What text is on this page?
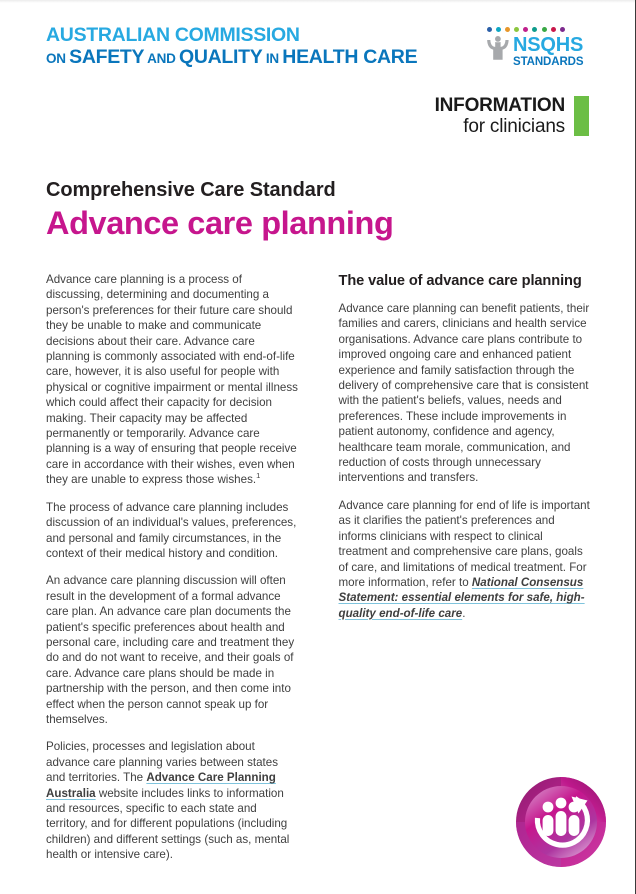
AUSTRALIAN COMMISSION
ON SAFETY AND QUALITY IN HEALTH CARE
NSQHS
STANDARDS
INFORMATION
for clinicians
Comprehensive Care Standard
Advance care planning

Advance care planning is a process of discussing, determining and documenting a person's preferences for their future care should they be unable to make and communicate decisions about their care. Advance care planning is commonly associated with end-of-life care, however, it is also useful for people with physical or cognitive impairment or mental illness which could affect their capacity for decision making. Their capacity may be affected permanently or temporarily. Advance care planning is a way of ensuring that people receive care in accordance with their wishes, even when they are unable to express those wishes.$^1$

The process of advance care planning includes discussion of an individual's values, preferences, and personal and family circumstances, in the context of their medical history and condition.

An advance care planning discussion will often result in the development of a formal advance care plan. An advance care plan documents the patient's specific preferences about health and personal care, including care and treatment they do and do not want to receive, and their goals of care. Advance care plans should be made in partnership with the person, and then come into effect when the person cannot speak up for themselves.

Policies, processes and legislation about advance care planning varies between states and territories. The Advance Care Planning Australia website includes links to information and resources, specific to each state and territory, and for different populations (including children) and different settings (such as, mental health or intensive care).

The value of advance care planning

Advance care planning can benefit patients, their families and carers, clinicians and health service organisations. Advance care plans contribute to improved ongoing care and enhanced patient experience and family satisfaction through the delivery of comprehensive care that is consistent with the patient's beliefs, values, needs and preferences. These include improvements in patient autonomy, confidence and agency, healthcare team morale, communication, and reduction of costs through unnecessary interventions and transfers.

Advance care planning for end of life is important as it clarifies the patient's preferences and informs clinicians with respect to clinical treatment and comprehensive care plans, goals of care, and limitations of medical treatment. For more information, refer to National Consensus Statement: essential elements for safe, high-quality end-of-life care.
